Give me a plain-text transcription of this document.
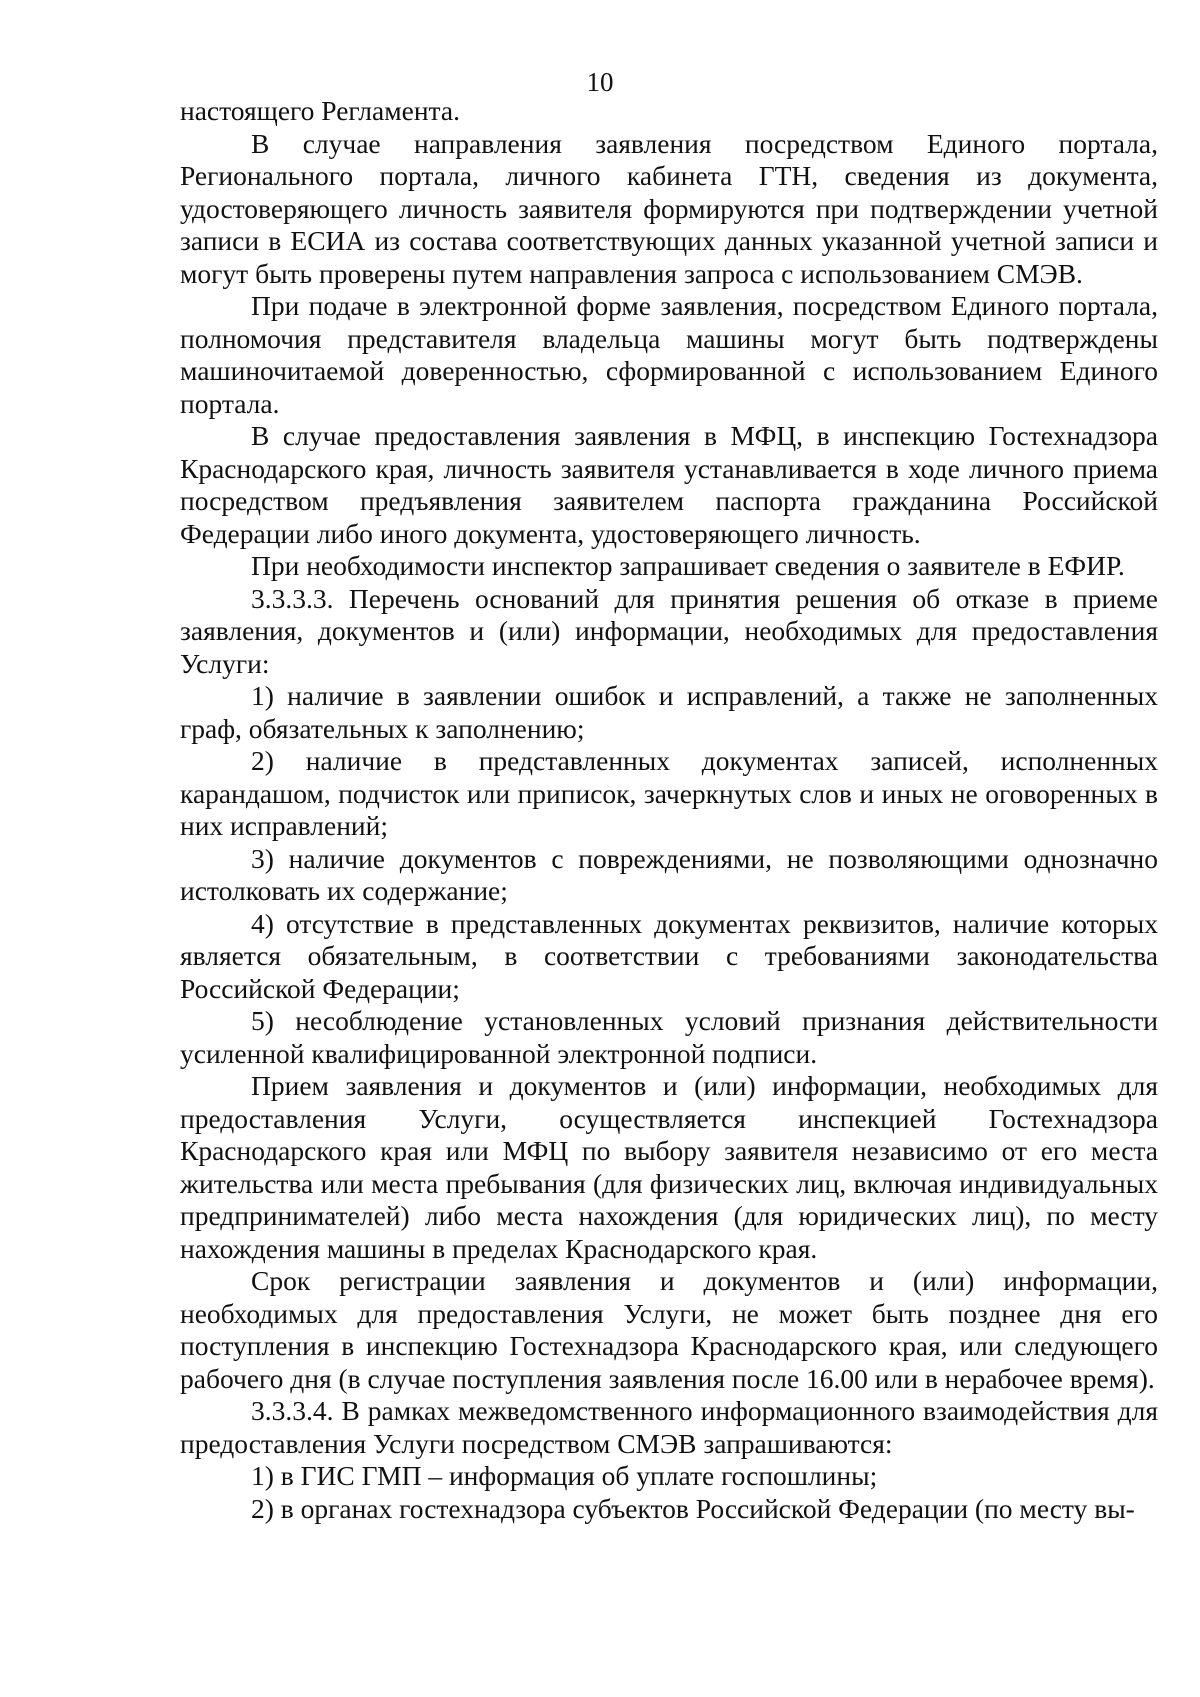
10

настоящего Регламента.

В случае направления заявления посредством Единого портала, Регионального портала, личного кабинета ГТН, сведения из документа, удостоверяющего личность заявителя формируются при подтверждении учетной записи в ЕСИА из состава соответствующих данных указанной учетной записи и могут быть проверены путем направления запроса с использованием СМЭВ.

При подаче в электронной форме заявления, посредством Единого портала, полномочия представителя владельца машины могут быть подтверждены машиночитаемой доверенностью, сформированной с использованием Единого портала.

В случае предоставления заявления в МФЦ, в инспекцию Гостехнадзора Краснодарского края, личность заявителя устанавливается в ходе личного приема посредством предъявления заявителем паспорта гражданина Российской Федерации либо иного документа, удостоверяющего личность.

При необходимости инспектор запрашивает сведения о заявителе в ЕФИР.

3.3.3.3. Перечень оснований для принятия решения об отказе в приеме заявления, документов и (или) информации, необходимых для предоставления Услуги:

1) наличие в заявлении ошибок и исправлений, а также не заполненных граф, обязательных к заполнению;

2) наличие в представленных документах записей, исполненных карандашом, подчисток или приписок, зачеркнутых слов и иных не оговоренных в них исправлений;

3) наличие документов с повреждениями, не позволяющими однозначно истолковать их содержание;

4) отсутствие в представленных документах реквизитов, наличие которых является обязательным, в соответствии с требованиями законодательства Российской Федерации;

5) несоблюдение установленных условий признания действительности усиленной квалифицированной электронной подписи.

Прием заявления и документов и (или) информации, необходимых для предоставления Услуги, осуществляется инспекцией Гостехнадзора Краснодарского края или МФЦ по выбору заявителя независимо от его места жительства или места пребывания (для физических лиц, включая индивидуальных предпринимателей) либо места нахождения (для юридических лиц), по месту нахождения машины в пределах Краснодарского края.

Срок регистрации заявления и документов и (или) информации, необходимых для предоставления Услуги, не может быть позднее дня его поступления в инспекцию Гостехнадзора Краснодарского края, или следующего рабочего дня (в случае поступления заявления после 16.00 или в нерабочее время).

3.3.3.4. В рамках межведомственного информационного взаимодействия для предоставления Услуги посредством СМЭВ запрашиваются:

1) в ГИС ГМП – информация об уплате госпошлины;

2) в органах гостехнадзора субъектов Российской Федерации (по месту вы-
